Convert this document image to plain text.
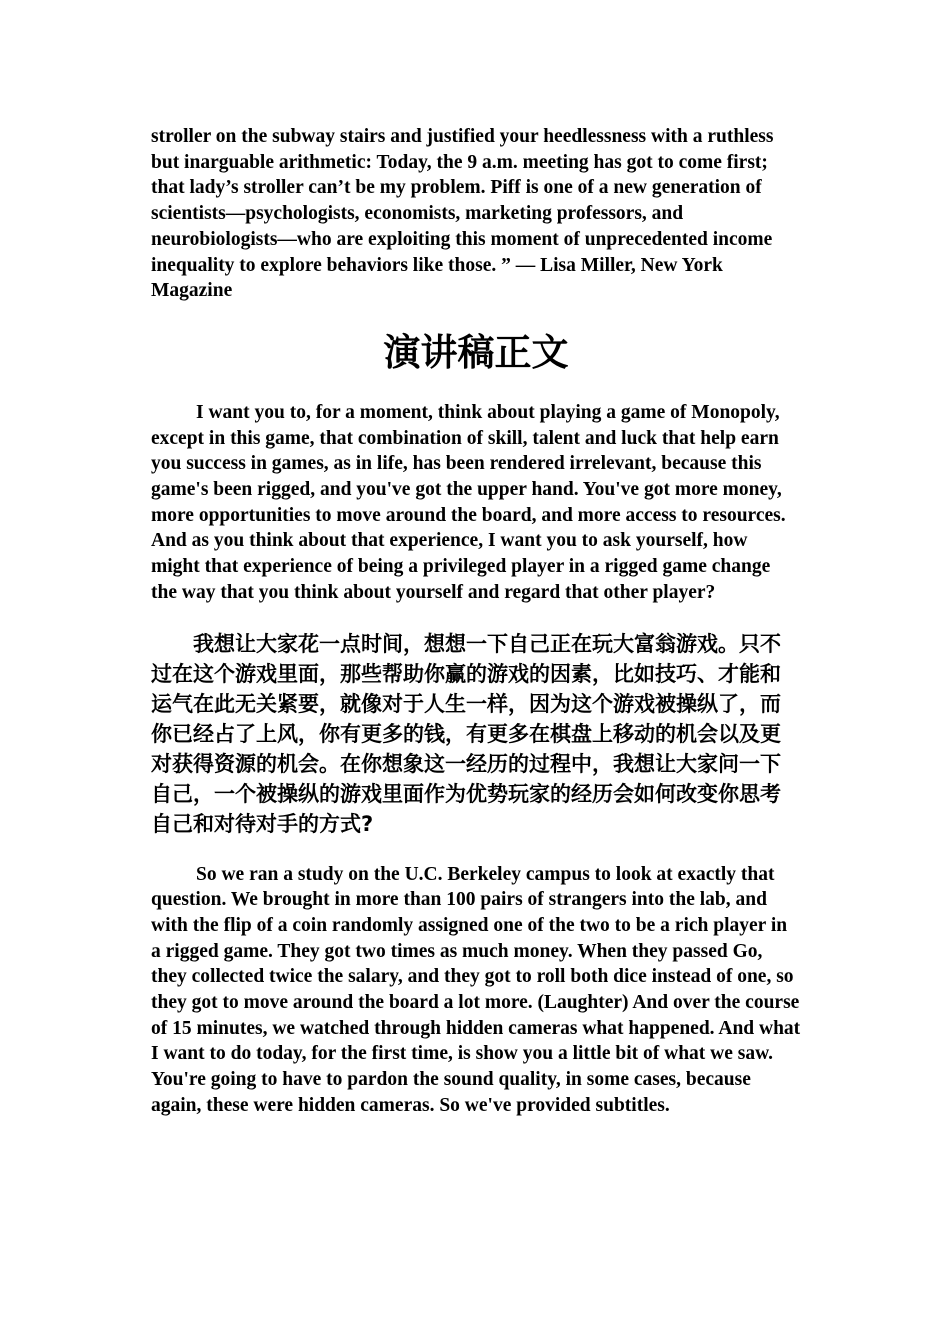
stroller on the subway stairs and justified your heedlessness with a ruthless but inarguable arithmetic: Today, the 9 a.m. meeting has got to come first; that lady’s stroller can’t be my problem. Piff is one of a new generation of scientists—psychologists, economists, marketing professors, and neurobiologists—who are exploiting this moment of unprecedented income inequality to explore behaviors like those. ” — Lisa Miller, New York Magazine

演讲稿正文

I want you to, for a moment, think about playing a game of Monopoly, except in this game, that combination of skill, talent and luck that help earn you success in games, as in life, has been rendered irrelevant, because this game's been rigged, and you've got the upper hand. You've got more money, more opportunities to move around the board, and more access to resources. And as you think about that experience, I want you to ask yourself, how might that experience of being a privileged player in a rigged game change the way that you think about yourself and regard that other player?

我想让大家花一点时间，想想一下自己正在玩大富翁游戏。只不过在这个游戏里面，那些帮助你赢的游戏的因素，比如技巧、才能和运气在此无关紧要，就像对于人生一样，因为这个游戏被操纵了，而你已经占了上风，你有更多的钱，有更多在棋盘上移动的机会以及更对获得资源的机会。在你想象这一经历的过程中，我想让大家问一下自己，一个被操纵的游戏里面作为优势玩家的经历会如何改变你思考自己和对待对手的方式?

So we ran a study on the U.C. Berkeley campus to look at exactly that question. We brought in more than 100 pairs of strangers into the lab, and with the flip of a coin randomly assigned one of the two to be a rich player in a rigged game. They got two times as much money. When they passed Go, they collected twice the salary, and they got to roll both dice instead of one, so they got to move around the board a lot more. (Laughter) And over the course of 15 minutes, we watched through hidden cameras what happened. And what I want to do today, for the first time, is show you a little bit of what we saw. You're going to have to pardon the sound quality, in some cases, because again, these were hidden cameras. So we've provided subtitles.
